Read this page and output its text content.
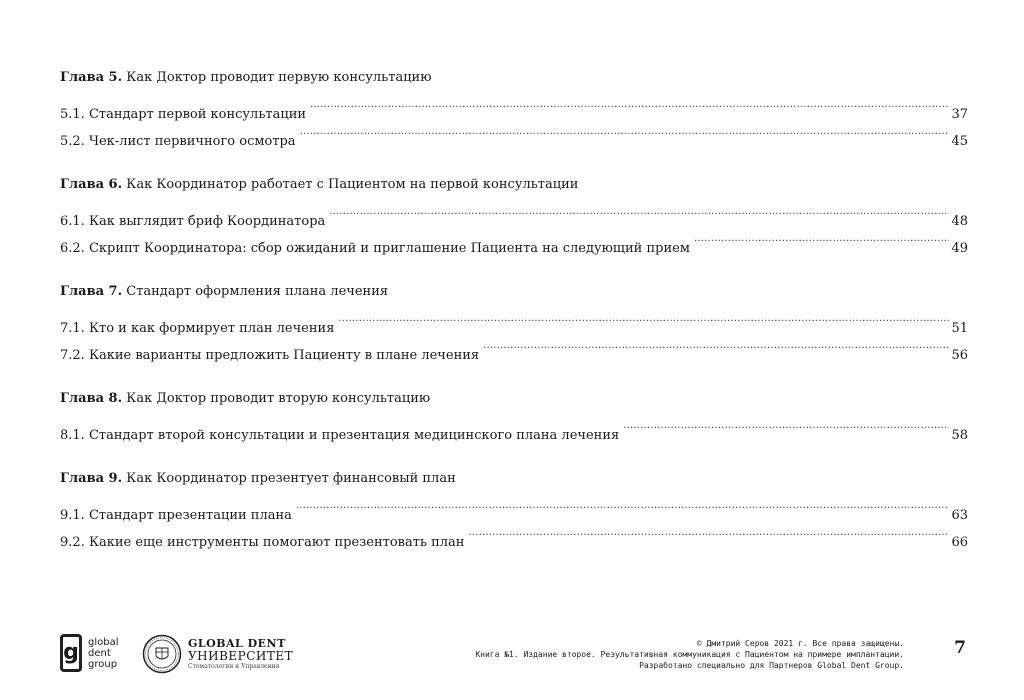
Глава 5. Как Доктор проводит первую консультацию
5.1. Стандарт первой консультации .....	37
5.2. Чек-лист первичного осмотра .....	45
Глава 6. Как Координатор работает с Пациентом на первой консультации
6.1. Как выглядит бриф Координатора .....	48
6.2. Скрипт Координатора: сбор ожиданий и приглашение Пациента на следующий прием .....	49
Глава 7. Стандарт оформления плана лечения
7.1. Кто и как формирует план лечения .....	51
7.2. Какие варианты предложить Пациенту в плане лечения .....	56
Глава 8. Как Доктор проводит вторую консультацию
8.1. Стандарт второй консультации и презентация медицинского плана лечения .....	58
Глава 9. Как Координатор презентует финансовый план
9.1. Стандарт презентации плана .....	63
9.2. Какие еще инструменты помогают презентовать план .....	66
g global
dent
group
GLOBAL DENT
УНИВЕРСИТЕТ
Стоматологии и Управления
© Дмитрий Серов 2021 г. Все права защищены.
Книга №1. Издание второе. Результативная коммуникация с Пациентом на примере имплантации.
Разработано специально для Партнеров Global Dent Group.
7
